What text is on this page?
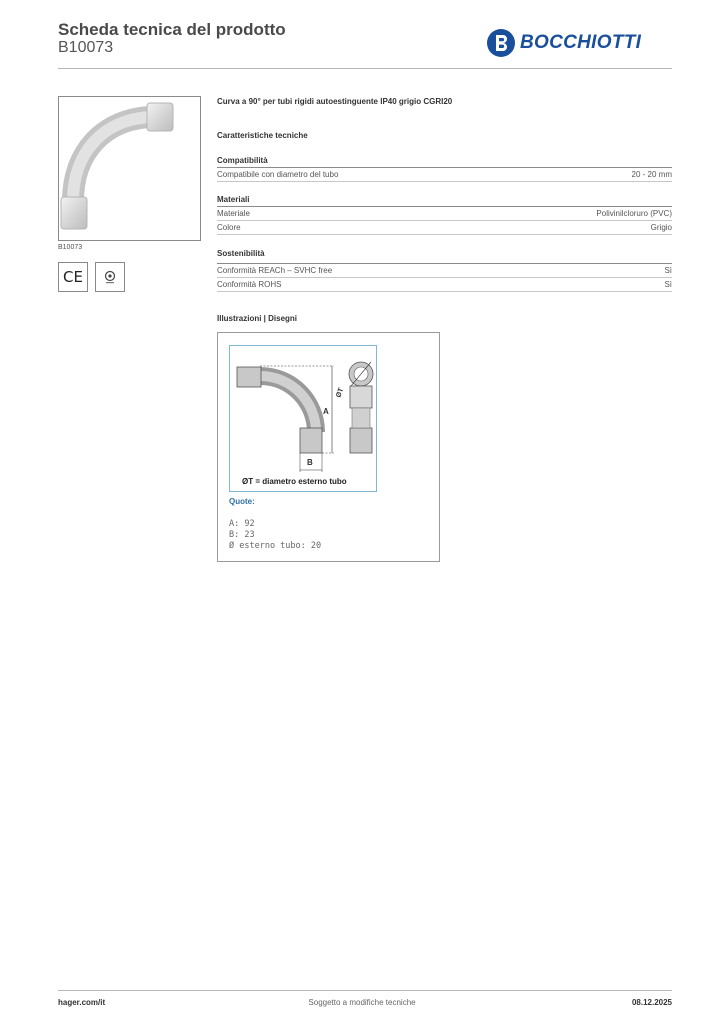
Scheda tecnica del prodotto
B10073	BOCCHIOTTI
B10073
CE
Curva a 90° per tubi rigidi autoestinguente IP40 grigio CGRI20
Caratteristiche tecniche
Compatibilità
Compatibile con diametro del tubo	20 - 20 mm
Materiali
Materiale	Polivinilcloruro (PVC)
Colore	Grigio
Sostenibilità
Conformità REACh – SVHC free	Sì
Conformità ROHS	Sì
Illustrazioni | Disegni
A
B
ØT
ØT = diametro esterno tubo
Quote:
A: 92
B: 23
Ø esterno tubo: 20
hager.com/it	Soggetto a modifiche tecniche	08.12.2025
